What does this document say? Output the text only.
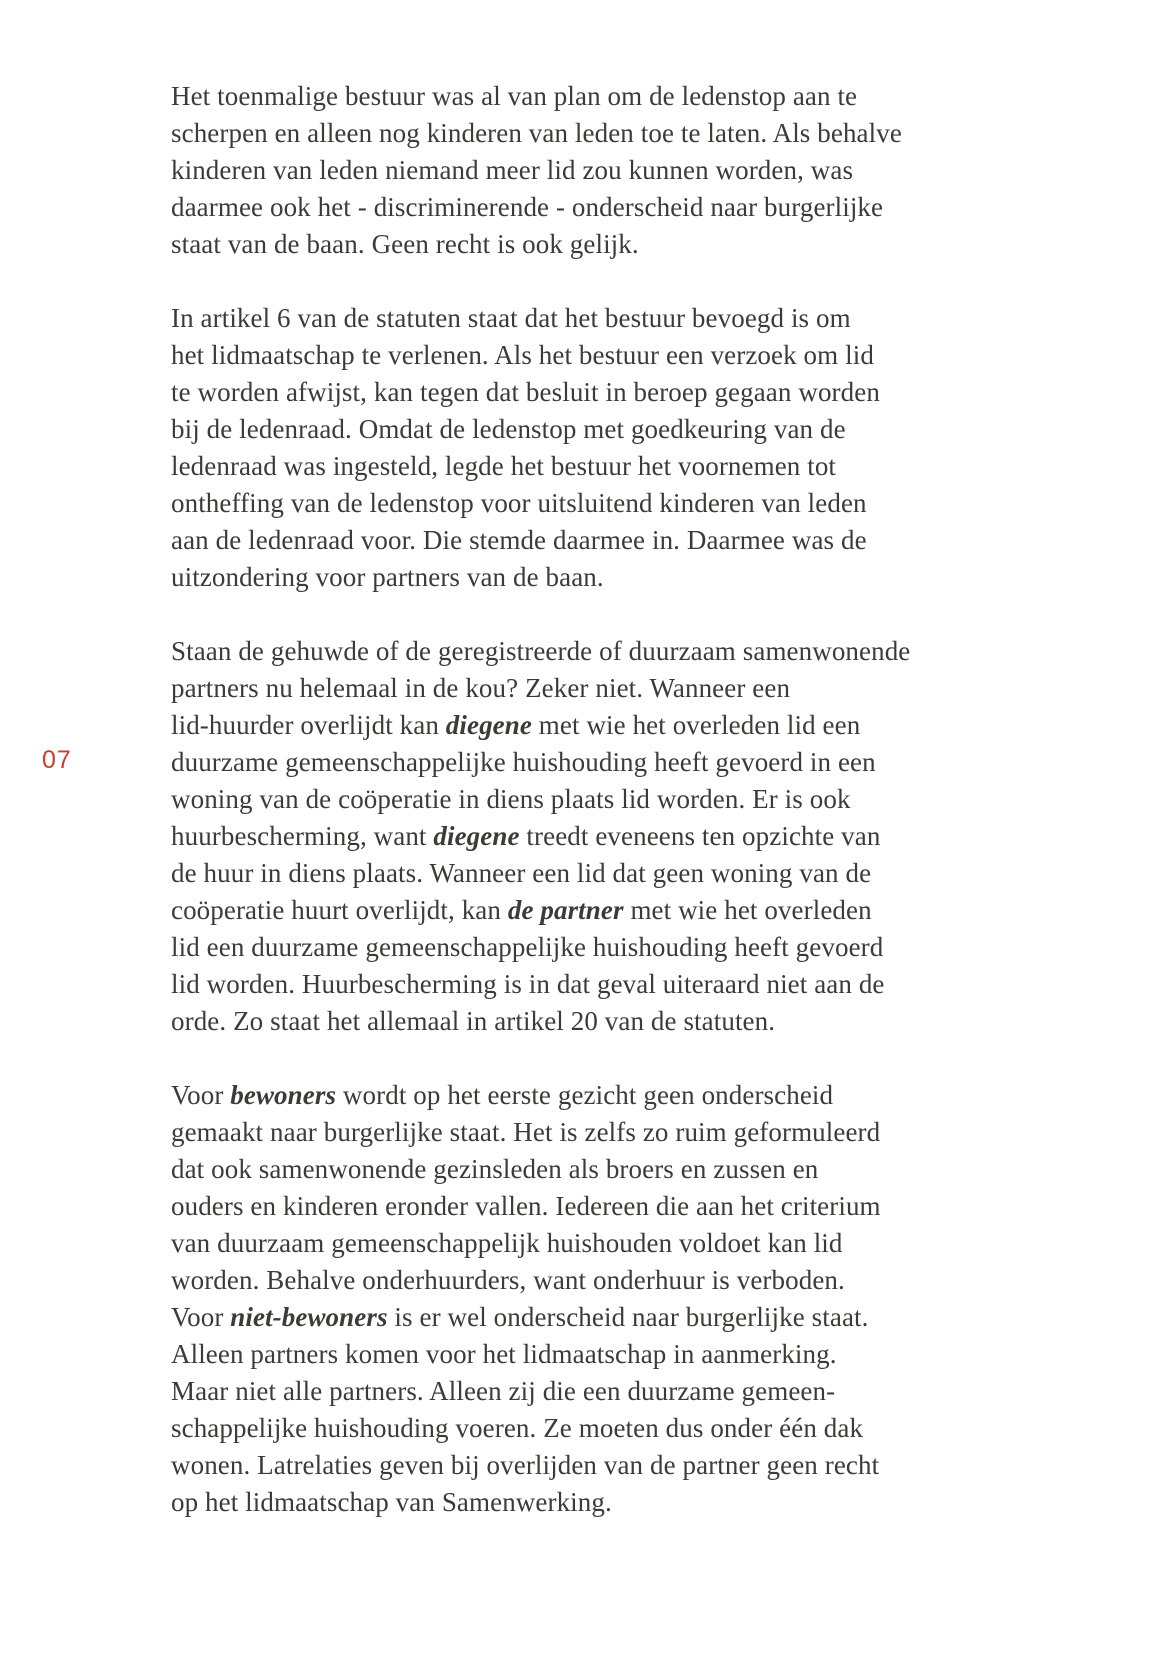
07

Het toenmalige bestuur was al van plan om de ledenstop aan te
scherpen en alleen nog kinderen van leden toe te laten. Als behalve
kinderen van leden niemand meer lid zou kunnen worden, was
daarmee ook het - discriminerende - onderscheid naar burgerlijke
staat van de baan. Geen recht is ook gelijk.

In artikel 6 van de statuten staat dat het bestuur bevoegd is om
het lidmaatschap te verlenen. Als het bestuur een verzoek om lid
te worden afwijst, kan tegen dat besluit in beroep gegaan worden
bij de ledenraad. Omdat de ledenstop met goedkeuring van de
ledenraad was ingesteld, legde het bestuur het voornemen tot
ontheffing van de ledenstop voor uitsluitend kinderen van leden
aan de ledenraad voor. Die stemde daarmee in. Daarmee was de
uitzondering voor partners van de baan.

Staan de gehuwde of de geregistreerde of duurzaam samenwonende
partners nu helemaal in de kou? Zeker niet. Wanneer een
lid-huurder overlijdt kan diegene met wie het overleden lid een
duurzame gemeenschappelijke huishouding heeft gevoerd in een
woning van de coöperatie in diens plaats lid worden. Er is ook
huurbescherming, want diegene treedt eveneens ten opzichte van
de huur in diens plaats. Wanneer een lid dat geen woning van de
coöperatie huurt overlijdt, kan de partner met wie het overleden
lid een duurzame gemeenschappelijke huishouding heeft gevoerd
lid worden. Huurbescherming is in dat geval uiteraard niet aan de
orde. Zo staat het allemaal in artikel 20 van de statuten.

Voor bewoners wordt op het eerste gezicht geen onderscheid
gemaakt naar burgerlijke staat. Het is zelfs zo ruim geformuleerd
dat ook samenwonende gezinsleden als broers en zussen en
ouders en kinderen eronder vallen. Iedereen die aan het criterium
van duurzaam gemeenschappelijk huishouden voldoet kan lid
worden. Behalve onderhuurders, want onderhuur is verboden.
Voor niet-bewoners is er wel onderscheid naar burgerlijke staat.
Alleen partners komen voor het lidmaatschap in aanmerking.
Maar niet alle partners. Alleen zij die een duurzame gemeen-
schappelijke huishouding voeren. Ze moeten dus onder één dak
wonen. Latrelaties geven bij overlijden van de partner geen recht
op het lidmaatschap van Samenwerking.
